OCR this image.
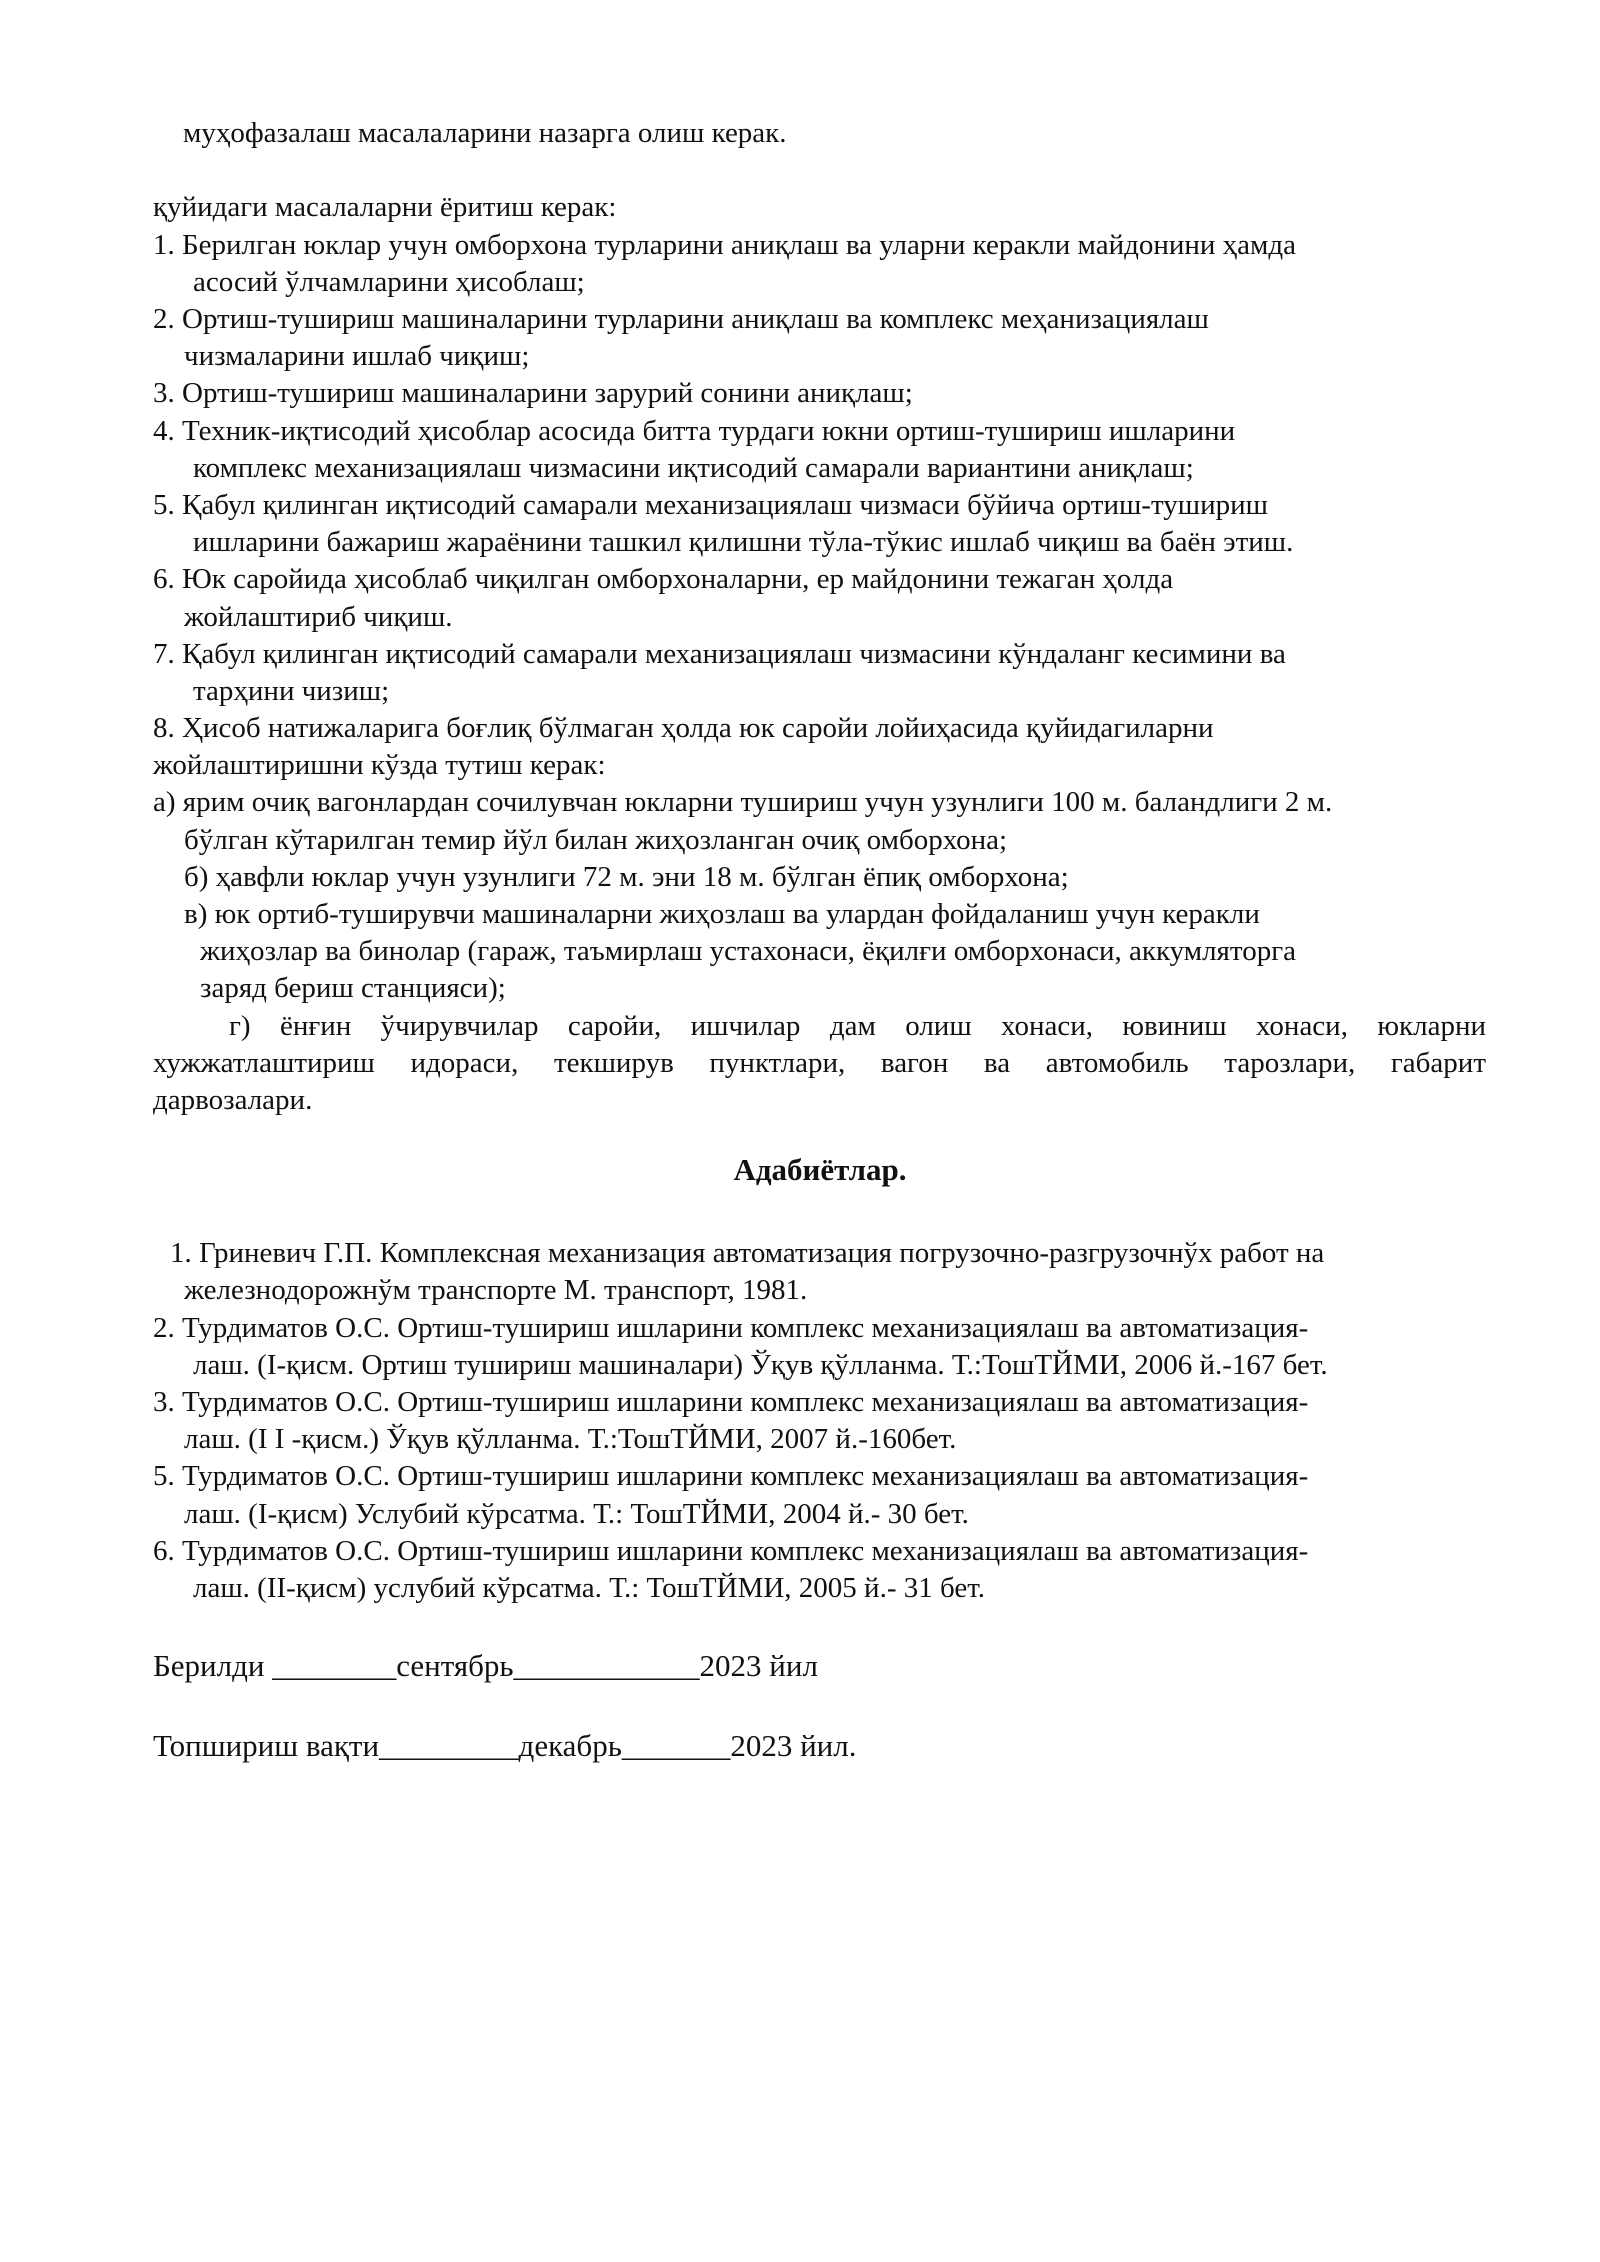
муҳофазалаш масалаларини назарга олиш керак.
қуйидаги масалаларни ёритиш керак:
1. Берилган юклар учун омборхона турларини аниқлаш ва уларни керакли майдонини ҳамда
асосий ўлчамларини ҳисоблаш;
2. Ортиш-тушириш машиналарини турларини аниқлаш ва комплекс меҳанизациялаш
чизмаларини ишлаб чиқиш;
3. Ортиш-тушириш машиналарини зарурий сонини аниқлаш;
4. Техник-иқтисодий ҳисоблар асосида битта турдаги юкни ортиш-тушириш ишларини
комплекс механизациялаш чизмасини иқтисодий самарали вариантини аниқлаш;
5. Қабул қилинган иқтисодий самарали механизациялаш чизмаси бўйича ортиш-тушириш
ишларини бажариш жараёнини ташкил қилишни тўла-тўкис ишлаб чиқиш ва баён этиш.
6. Юк саройида ҳисоблаб чиқилган омборхоналарни, ер майдонини тежаган ҳолда
жойлаштириб чиқиш.
7. Қабул қилинган иқтисодий самарали механизациялаш чизмасини кўндаланг кесимини ва
тарҳини чизиш;
8. Ҳисоб натижаларига боғлиқ бўлмаган ҳолда юк саройи лойиҳасида қуйидагиларни
жойлаштиришни кўзда тутиш керак:
а) ярим очиқ вагонлардан сочилувчан юкларни тушириш учун узунлиги 100 м. баландлиги 2 м.
бўлган кўтарилган темир йўл билан жиҳозланган очиқ омборхона;
б) ҳавфли юклар учун узунлиги 72 м. эни 18 м. бўлган ёпиқ омборхона;
в) юк ортиб-туширувчи машиналарни жиҳозлаш ва улардан фойдаланиш учун керакли
жиҳозлар ва бинолар (гараж, таъмирлаш устахонаси, ёқилғи омборхонаси, аккумляторга
заряд бериш станцияси);
г) ёнғин ўчирувчилар саройи, ишчилар дам олиш хонаси, ювиниш хонаси, юкларни
хужжатлаштириш идораси, текширув пунктлари, вагон ва автомобиль тарозлари, габарит
дарвозалари.
Адабиётлар.
1. Гриневич Г.П. Комплексная механизация автоматизация погрузочно-разгрузочнўх работ на
железнодорожнўм транспорте М. транспорт, 1981.
2. Турдиматов О.С. Ортиш-тушириш ишларини комплекс механизациялаш ва автоматизация-
лаш. (I-қисм. Ортиш тушириш машиналари) Ўқув қўлланма. Т.:ТошТЙМИ, 2006 й.-167 бет.
3. Турдиматов О.С. Ортиш-тушириш ишларини комплекс механизациялаш ва автоматизация-
лаш. (I I -қисм.) Ўқув қўлланма. Т.:ТошТЙМИ, 2007 й.-160бет.
5. Турдиматов О.С. Ортиш-тушириш ишларини комплекс механизациялаш ва автоматизация-
лаш. (I-қисм) Услубий кўрсатма. Т.: ТошТЙМИ, 2004 й.- 30 бет.
6. Турдиматов О.С. Ортиш-тушириш ишларини комплекс механизациялаш ва автоматизация-
лаш. (II-қисм) услубий кўрсатма. Т.: ТошТЙМИ, 2005 й.- 31 бет.
Берилди ________сентябрь____________2023 йил
Топшириш вақти_________декабрь_______2023 йил.
